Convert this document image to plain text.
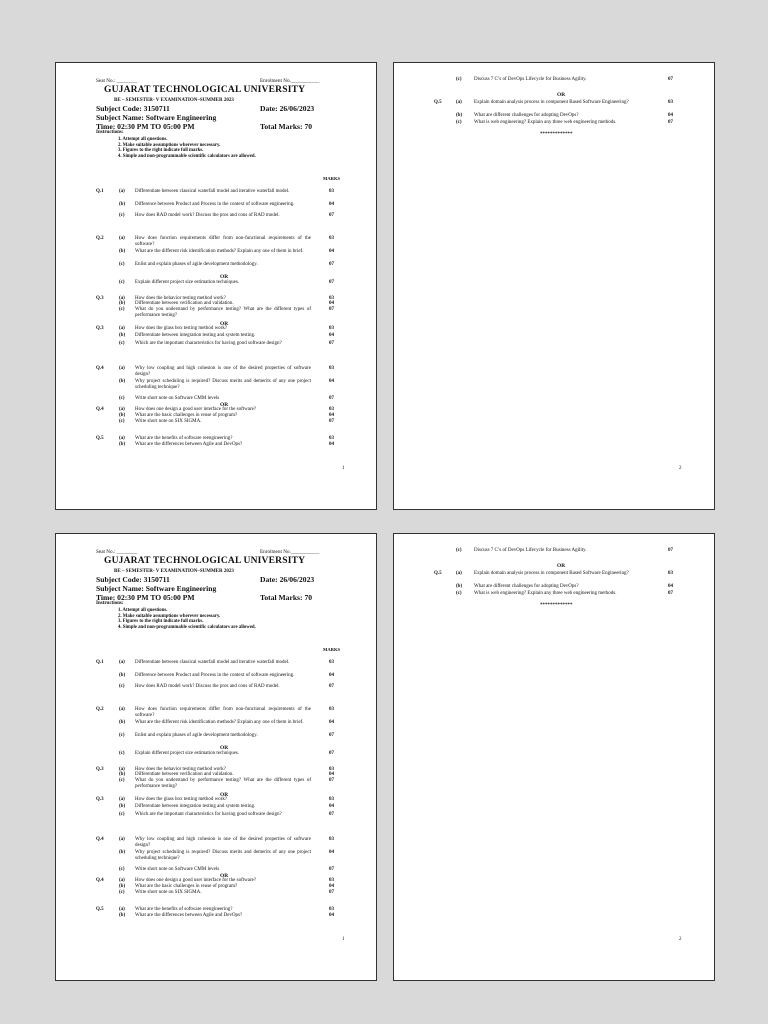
Seat No.: ________	Enrolment No.___________
GUJARAT TECHNOLOGICAL UNIVERSITY
BE – SEMESTER- V EXAMINATION–SUMMER 2023
Subject Code: 3150711	Date: 26/06/2023
Subject Name: Software Engineering
Time: 02:30 PM TO 05:00 PM	Total Marks: 70
Instructions:
1. Attempt all questions.
2. Make suitable assumptions wherever necessary.
3. Figures to the right indicate full marks.
4. Simple and non-programmable scientific calculators are allowed.
MARKS
Q.1	(a) Differentiate between classical waterfall model and iterative waterfall model.	03
(b) Difference between Product and Process in the context of software engineering.	04
(c) How does RAD model work? Discuss the pros and cons of RAD model.	07
Q.2	(a) How does function requirements differ from non-functional requirements of the software?
03
(b) What are the different risk identification methods? Explain any one of them in brief.	04
(c) Enlist and explain phases of agile development methodology.	07
(c) Explain different project size estimation techniques.	07
Q.3	(a) How does the behavior testing method work?	03
(b) Differentiate between verification and validation.	04
(c) What do you understand by performance testing? What are the different types of performance testing?
07
Q.3	(a) How does the glass box testing method work?	03
(b) Differentiate between integration testing and system testing.	04
(c) Which are the important characteristics for having good software design?	07
Q.4	(a) Why low coupling and high cohesion is one of the desired properties of software design?
03
(b) Why project scheduling is required? Discuss merits and demerits of any one project scheduling technique?
04
(c) Write short note on Software CMM levels	07
Q.4	(a) How does one design a good user interface for the software?	03
(b) What are the basic challenges in reuse of program?	04
(c) Write short note on SIX SIGMA.	07
Q.5	(a) What are the benefits of software reengineering?	03
(b) What are the differences between Agile and DevOps?	04
OR
OR
OR
1
(c) Discuss 7 C’s of DevOps Lifecycle for Business Agility.	07
Q.5	(a) Explain domain analysis process in component Based Software Engineering?	03
(b) What are different challenges for adopting DevOps?	04
(c) What is web engineering? Explain any three web engineering methods.	07
OR
*************
2
Seat No.: ________	Enrolment No.___________
GUJARAT TECHNOLOGICAL UNIVERSITY
BE – SEMESTER- V EXAMINATION–SUMMER 2023
Subject Code: 3150711	Date: 26/06/2023
Subject Name: Software Engineering
Time: 02:30 PM TO 05:00 PM	Total Marks: 70
Instructions:
1. Attempt all questions.
2. Make suitable assumptions wherever necessary.
3. Figures to the right indicate full marks.
4. Simple and non-programmable scientific calculators are allowed.
MARKS
Q.1	(a) Differentiate between classical waterfall model and iterative waterfall model.	03
(b) Difference between Product and Process in the context of software engineering.	04
(c) How does RAD model work? Discuss the pros and cons of RAD model.	07
Q.2	(a) How does function requirements differ from non-functional requirements of the software?
03
(b) What are the different risk identification methods? Explain any one of them in brief.	04
(c) Enlist and explain phases of agile development methodology.	07
(c) Explain different project size estimation techniques.	07
Q.3	(a) How does the behavior testing method work?	03
(b) Differentiate between verification and validation.	04
(c) What do you understand by performance testing? What are the different types of performance testing?
07
Q.3	(a) How does the glass box testing method work?	03
(b) Differentiate between integration testing and system testing.	04
(c) Which are the important characteristics for having good software design?	07
Q.4	(a) Why low coupling and high cohesion is one of the desired properties of software design?
03
(b) Why project scheduling is required? Discuss merits and demerits of any one project scheduling technique?
04
(c) Write short note on Software CMM levels	07
Q.4	(a) How does one design a good user interface for the software?	03
(b) What are the basic challenges in reuse of program?	04
(c) Write short note on SIX SIGMA.	07
Q.5	(a) What are the benefits of software reengineering?	03
(b) What are the differences between Agile and DevOps?	04
OR
OR
OR
1
(c) Discuss 7 C’s of DevOps Lifecycle for Business Agility.	07
Q.5	(a) Explain domain analysis process in component Based Software Engineering?	03
(b) What are different challenges for adopting DevOps?	04
(c) What is web engineering? Explain any three web engineering methods.	07
OR
*************
2
